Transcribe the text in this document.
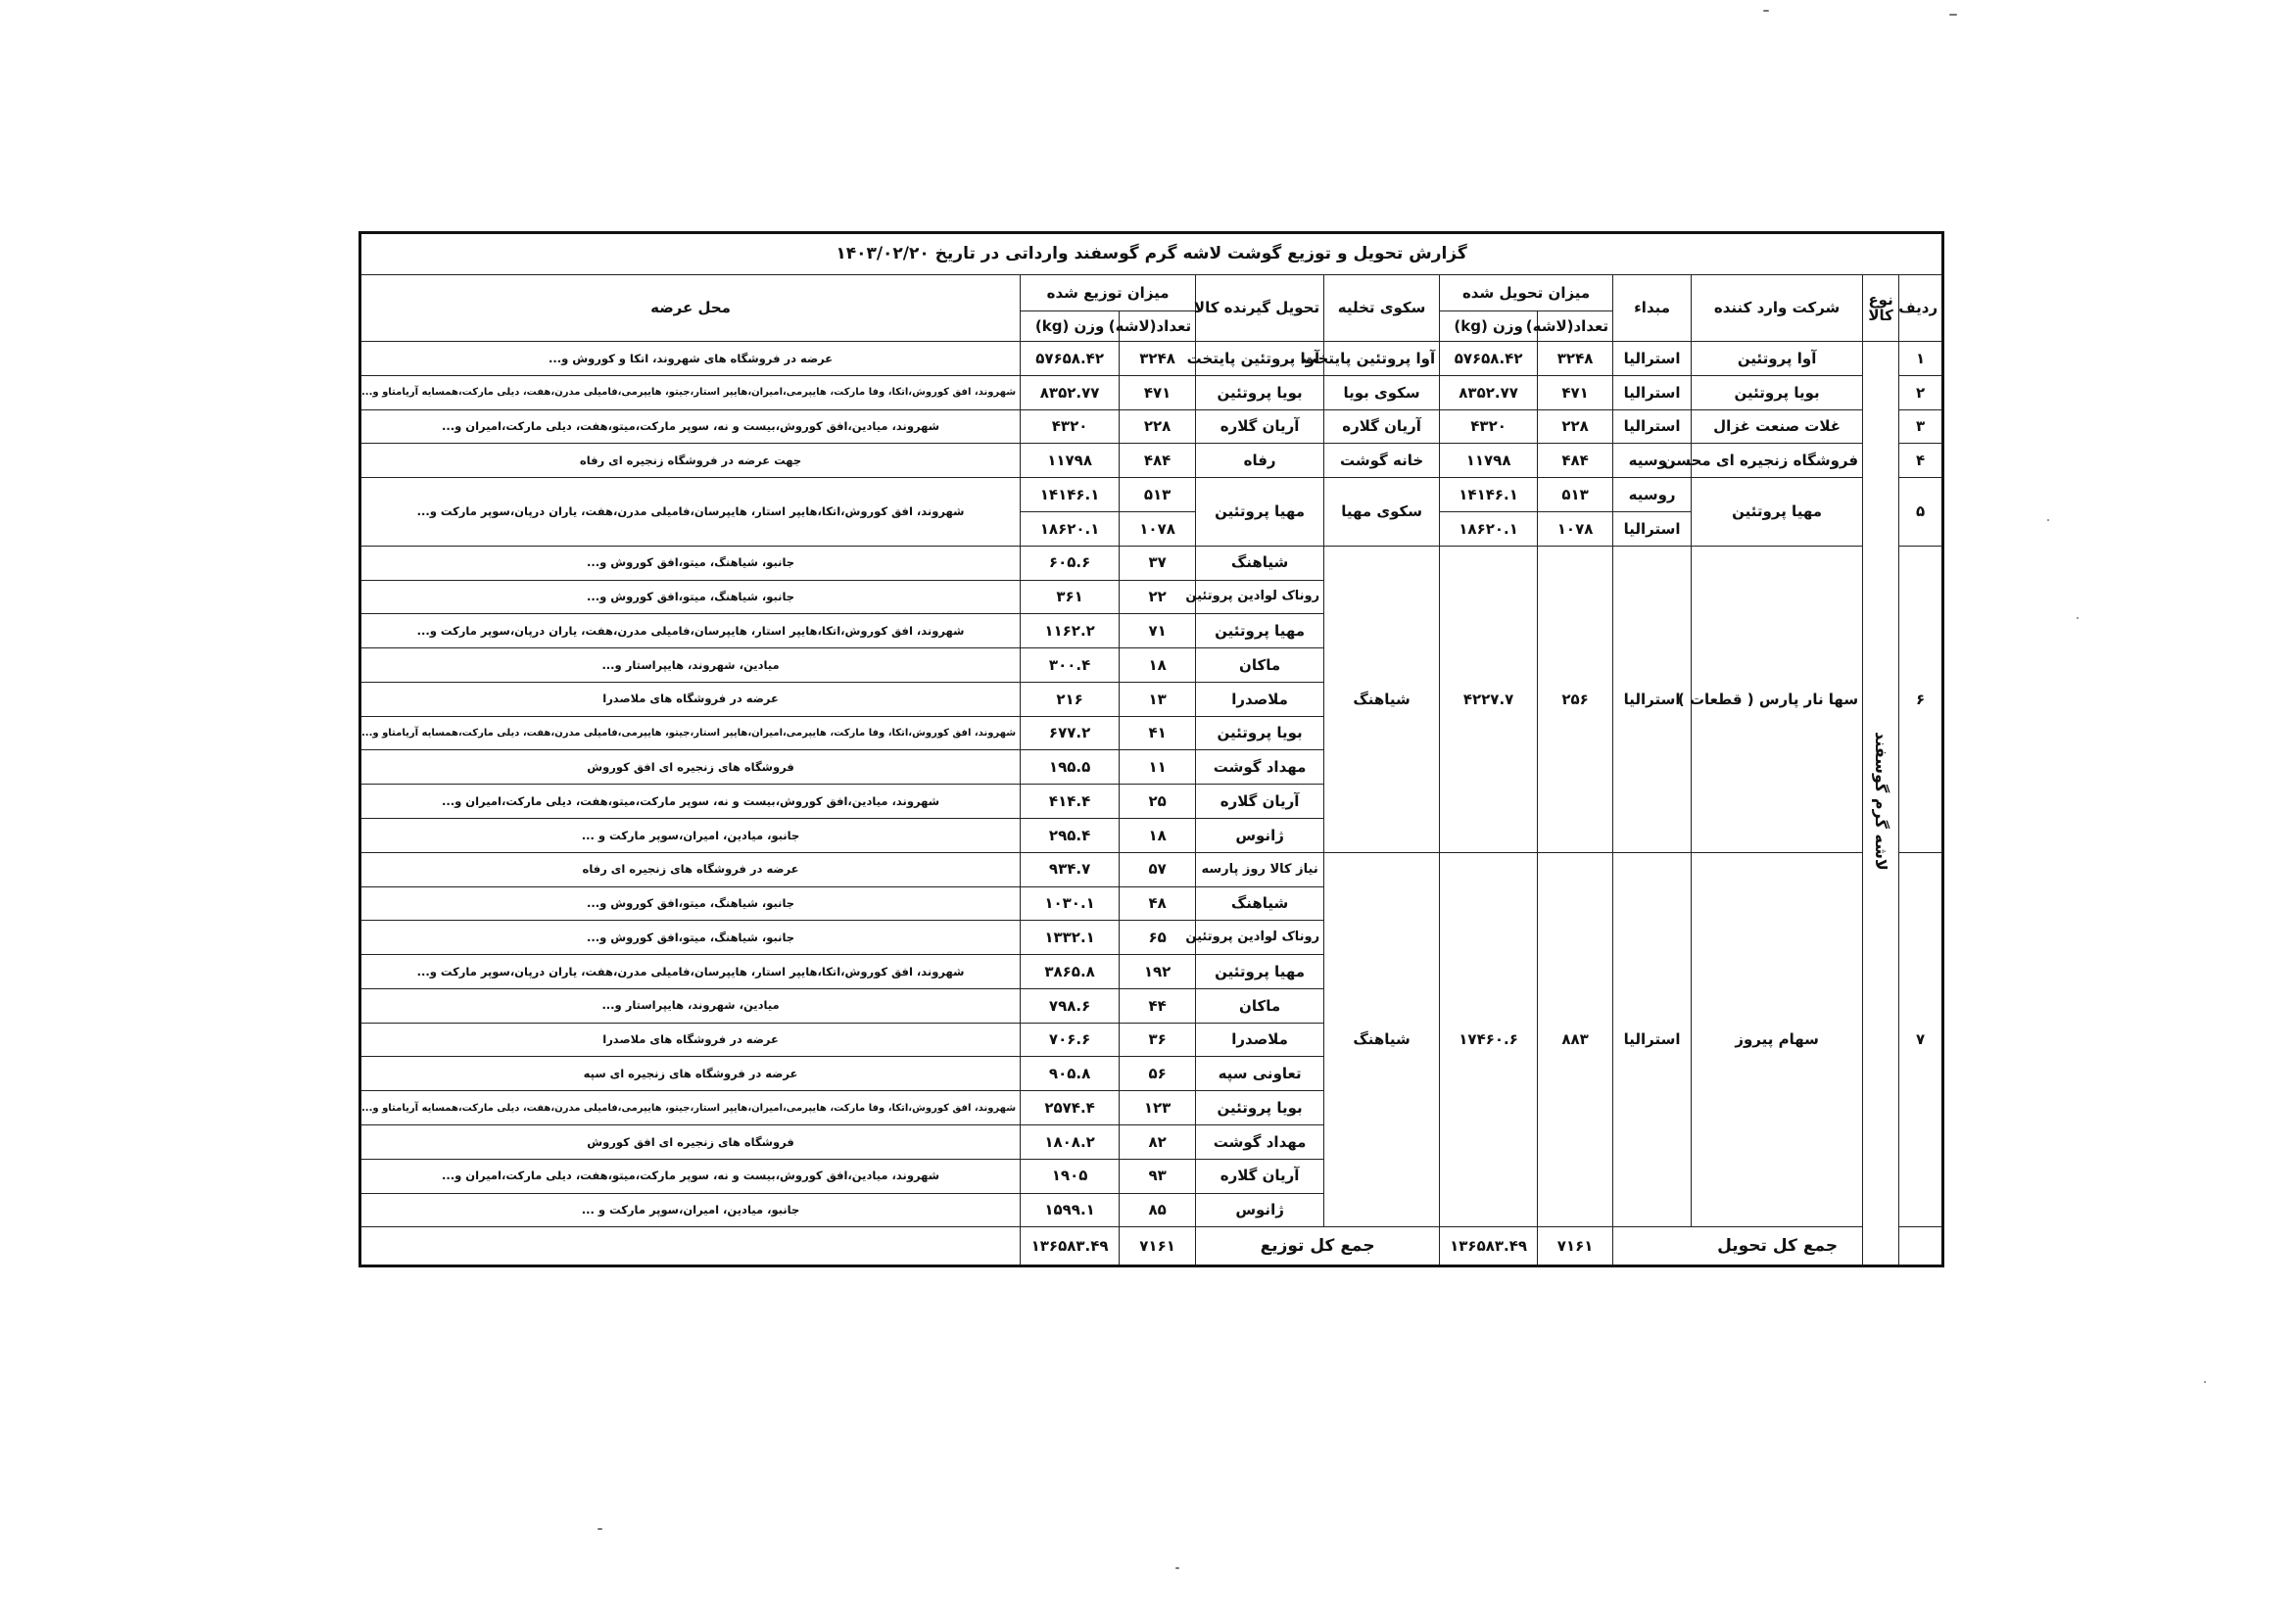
گزارش تحویل و توزیع گوشت لاشه گرم گوسفند وارداتی در تاریخ ۱۴۰۳/۰۲/۲۰										
ردیف	نوع کالا	شرکت وارد کننده	مبداء	میزان تحویل شده		سکوی تخلیه	تحویل گیرنده کالا	میزان توزیع شده		محل عرضه
				تعداد(لاشه)	وزن (kg)			تعداد(لاشه)	وزن (kg)	
۱	لاشه گرم گوسفند	آوا پروتئین	استرالیا	۳۲۴۸	۵۷۶۵۸.۴۲	آوا پروتئین پایتخت	آوا پروتئین پایتخت	۳۲۴۸	۵۷۶۵۸.۴۲	عرضه در فروشگاه های شهروند، اتکا و کوروش و...
۲		بویا پروتئین	استرالیا	۴۷۱	۸۳۵۲.۷۷	سکوی بویا	بویا پروتئین	۴۷۱	۸۳۵۲.۷۷	شهروند، افق کوروش،اتکا، وفا مارکت، هایپرمی،امیران،هایپر استار،جیتو، هایپرمی،فامیلی مدرن،هفت، دیلی مارکت،همسایه آریامتاو و...
۳		غلات صنعت غزال	استرالیا	۲۲۸	۴۳۲۰	آریان گلاره	آریان گلاره	۲۲۸	۴۳۲۰	شهروند، میادین،افق کوروش،بیست و نه، سوپر مارکت،میتو،هفت، دیلی مارکت،امیران و...
۴		فروشگاه زنجیره ای محسن	روسیه	۴۸۴	۱۱۷۹۸	خانه گوشت	رفاه	۴۸۴	۱۱۷۹۸	جهت عرضه در فروشگاه زنجیره ای رفاه
۵		مهیا پروتئین	روسیه	۵۱۳	۱۴۱۴۶.۱	سکوی مهیا	مهیا پروتئین	۵۱۳	۱۴۱۴۶.۱	شهروند، افق کوروش،اتکا،هایپر استار، هایپرسان،فامیلی مدرن،هفت، یاران درپان،سوپر مارکت و...
			استرالیا	۱۰۷۸	۱۸۶۲۰.۱			۱۰۷۸	۱۸۶۲۰.۱	
۶		سها نار پارس ( قطعات )	استرالیا	۲۵۶	۴۲۲۷.۷	شیاهنگ	شیاهنگ	۳۷	۶۰۵.۶	جانبو، شیاهنگ، میتو،افق کوروش و...
							روناک لوادین پروتئین	۲۲	۳۶۱	جانبو، شیاهنگ، میتو،افق کوروش و...
							مهیا پروتئین	۷۱	۱۱۶۲.۲	شهروند، افق کوروش،اتکا،هایپر استار، هایپرسان،فامیلی مدرن،هفت، یاران درپان،سوپر مارکت و...
							ماکان	۱۸	۳۰۰.۴	میادین، شهروند، هایپراستار و...
							ملاصدرا	۱۳	۲۱۶	عرضه در فروشگاه های ملاصدرا
							بویا پروتئین	۴۱	۶۷۷.۲	شهروند، افق کوروش،اتکا، وفا مارکت، هایپرمی،امیران،هایپر استار،جیتو، هایپرمی،فامیلی مدرن،هفت، دیلی مارکت،همسایه آریامتاو و...
							مهداد گوشت	۱۱	۱۹۵.۵	فروشگاه های زنجیره ای افق کوروش
							آریان گلاره	۲۵	۴۱۴.۴	شهروند، میادین،افق کوروش،بیست و نه، سوپر مارکت،میتو،هفت، دیلی مارکت،امیران و...
							ژانوس	۱۸	۲۹۵.۴	جانبو، میادین، امیران،سوپر مارکت و ...
۷		سهام پیروز	استرالیا	۸۸۳	۱۷۴۶۰.۶	شیاهنگ	نیاز کالا روز پارسه	۵۷	۹۳۴.۷	عرضه در فروشگاه های زنجیره ای رفاه
							شیاهنگ	۴۸	۱۰۳۰.۱	جانبو، شیاهنگ، میتو،افق کوروش و...
							روناک لوادین پروتئین	۶۵	۱۳۳۲.۱	جانبو، شیاهنگ، میتو،افق کوروش و...
							مهیا پروتئین	۱۹۲	۳۸۶۵.۸	شهروند، افق کوروش،اتکا،هایپر استار، هایپرسان،فامیلی مدرن،هفت، یاران درپان،سوپر مارکت و...
							ماکان	۴۴	۷۹۸.۶	میادین، شهروند، هایپراستار و...
							ملاصدرا	۳۶	۷۰۶.۶	عرضه در فروشگاه های ملاصدرا
							تعاونی سپه	۵۶	۹۰۵.۸	عرضه در فروشگاه های زنجیره ای سپه
							بویا پروتئین	۱۲۳	۲۵۷۴.۴	شهروند، افق کوروش،اتکا، وفا مارکت، هایپرمی،امیران،هایپر استار،جیتو، هایپرمی،فامیلی مدرن،هفت، دیلی مارکت،همسایه آریامتاو و...
							مهداد گوشت	۸۲	۱۸۰۸.۲	فروشگاه های زنجیره ای افق کوروش
							آریان گلاره	۹۳	۱۹۰۵	شهروند، میادین،افق کوروش،بیست و نه، سوپر مارکت،میتو،هفت، دیلی مارکت،امیران و...
							ژانوس	۸۵	۱۵۹۹.۱	جانبو، میادین، امیران،سوپر مارکت و ...
جمع کل تحویل				۷۱۶۱	۱۳۶۵۸۳.۴۹	جمع کل توزیع		۷۱۶۱	۱۳۶۵۸۳.۴۹	
